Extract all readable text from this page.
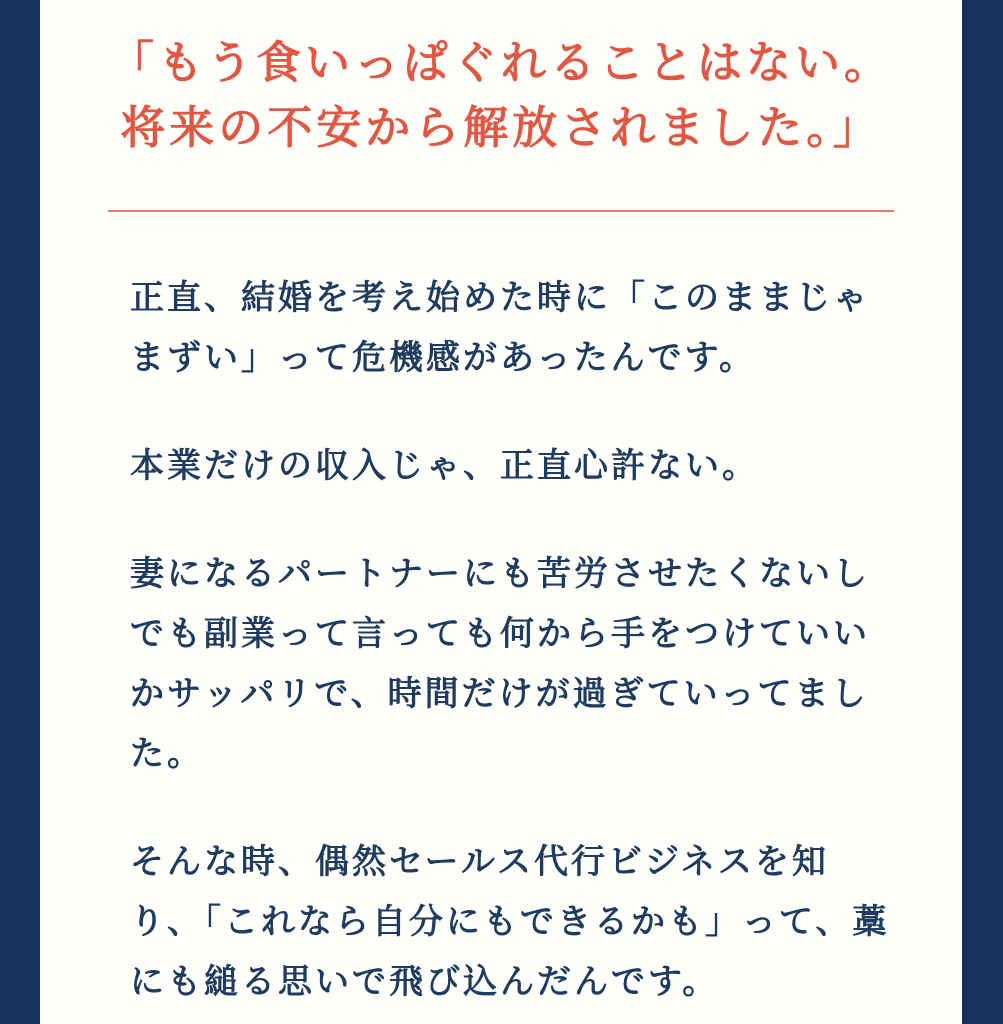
「もう食いっぱぐれることはない。
将来の不安から解放されました。」

正直、結婚を考え始めた時に「このままじゃ
まずい」って危機感があったんです。

本業だけの収入じゃ、正直心許ない。

妻になるパートナーにも苦労させたくないし
でも副業って言っても何から手をつけていい
かサッパリで、時間だけが過ぎていってまし
た。

そんな時、偶然セールス代行ビジネスを知
り、「これなら自分にもできるかも」って、藁
にも縋る思いで飛び込んだんです。
